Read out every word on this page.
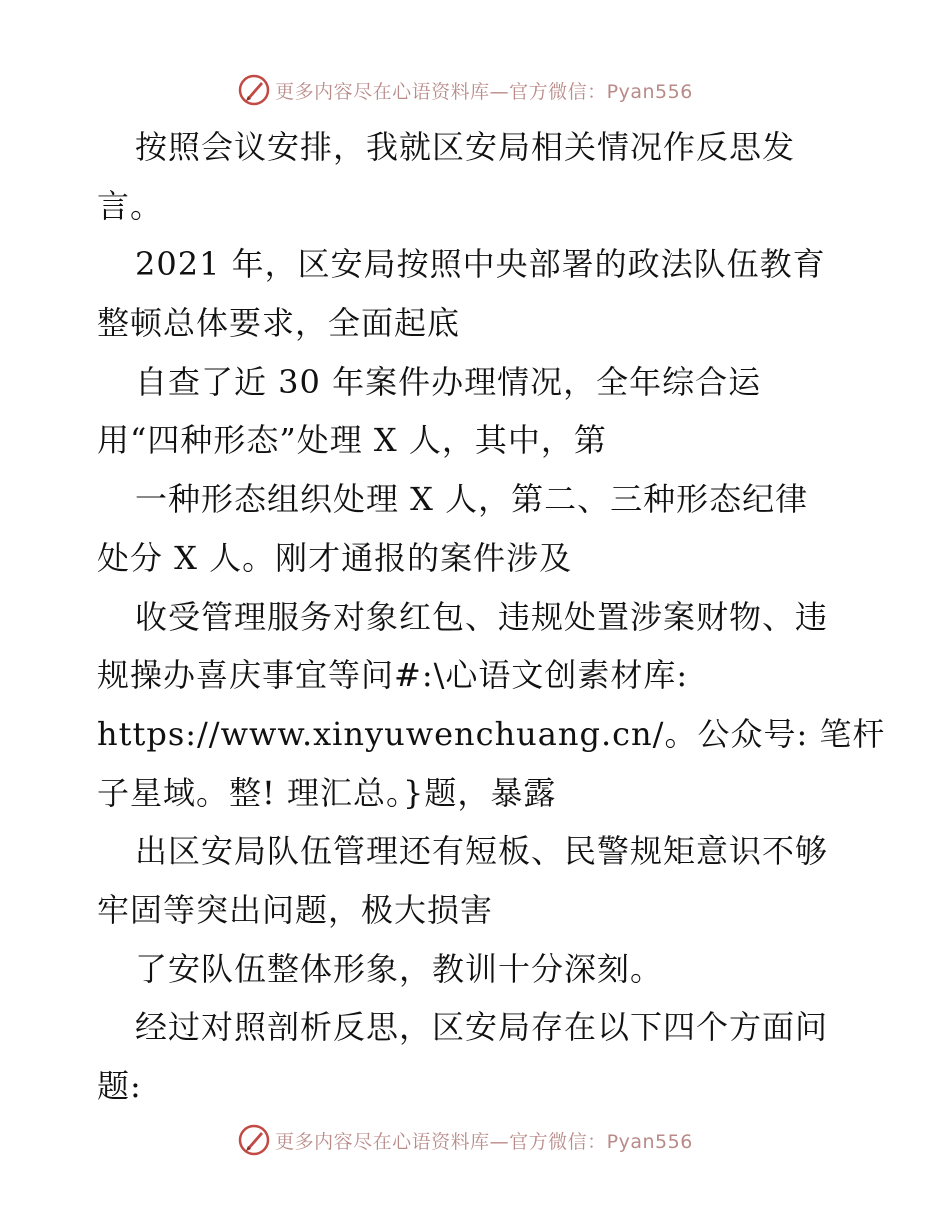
更多内容尽在心语资料库—官方微信：Pyan556
按照会议安排，我就区安局相关情况作反思发
言。
2021 年，区安局按照中央部署的政法队伍教育
整顿总体要求，全面起底
自查了近 30 年案件办理情况，全年综合运
用“四种形态”处理 X 人，其中，第
一种形态组织处理 X 人，第二、三种形态纪律
处分 X 人。刚才通报的案件涉及
收受管理服务对象红包、违规处置涉案财物、违
规操办喜庆事宜等问#:\心语文创素材库:
https://www.xinyuwenchuang.cn/。公众号: 笔杆
子星域。整! 理汇总。}题，暴露
出区安局队伍管理还有短板、民警规矩意识不够
牢固等突出问题，极大损害
了安队伍整体形象，教训十分深刻。
经过对照剖析反思，区安局存在以下四个方面问
题:
更多内容尽在心语资料库—官方微信：Pyan556
